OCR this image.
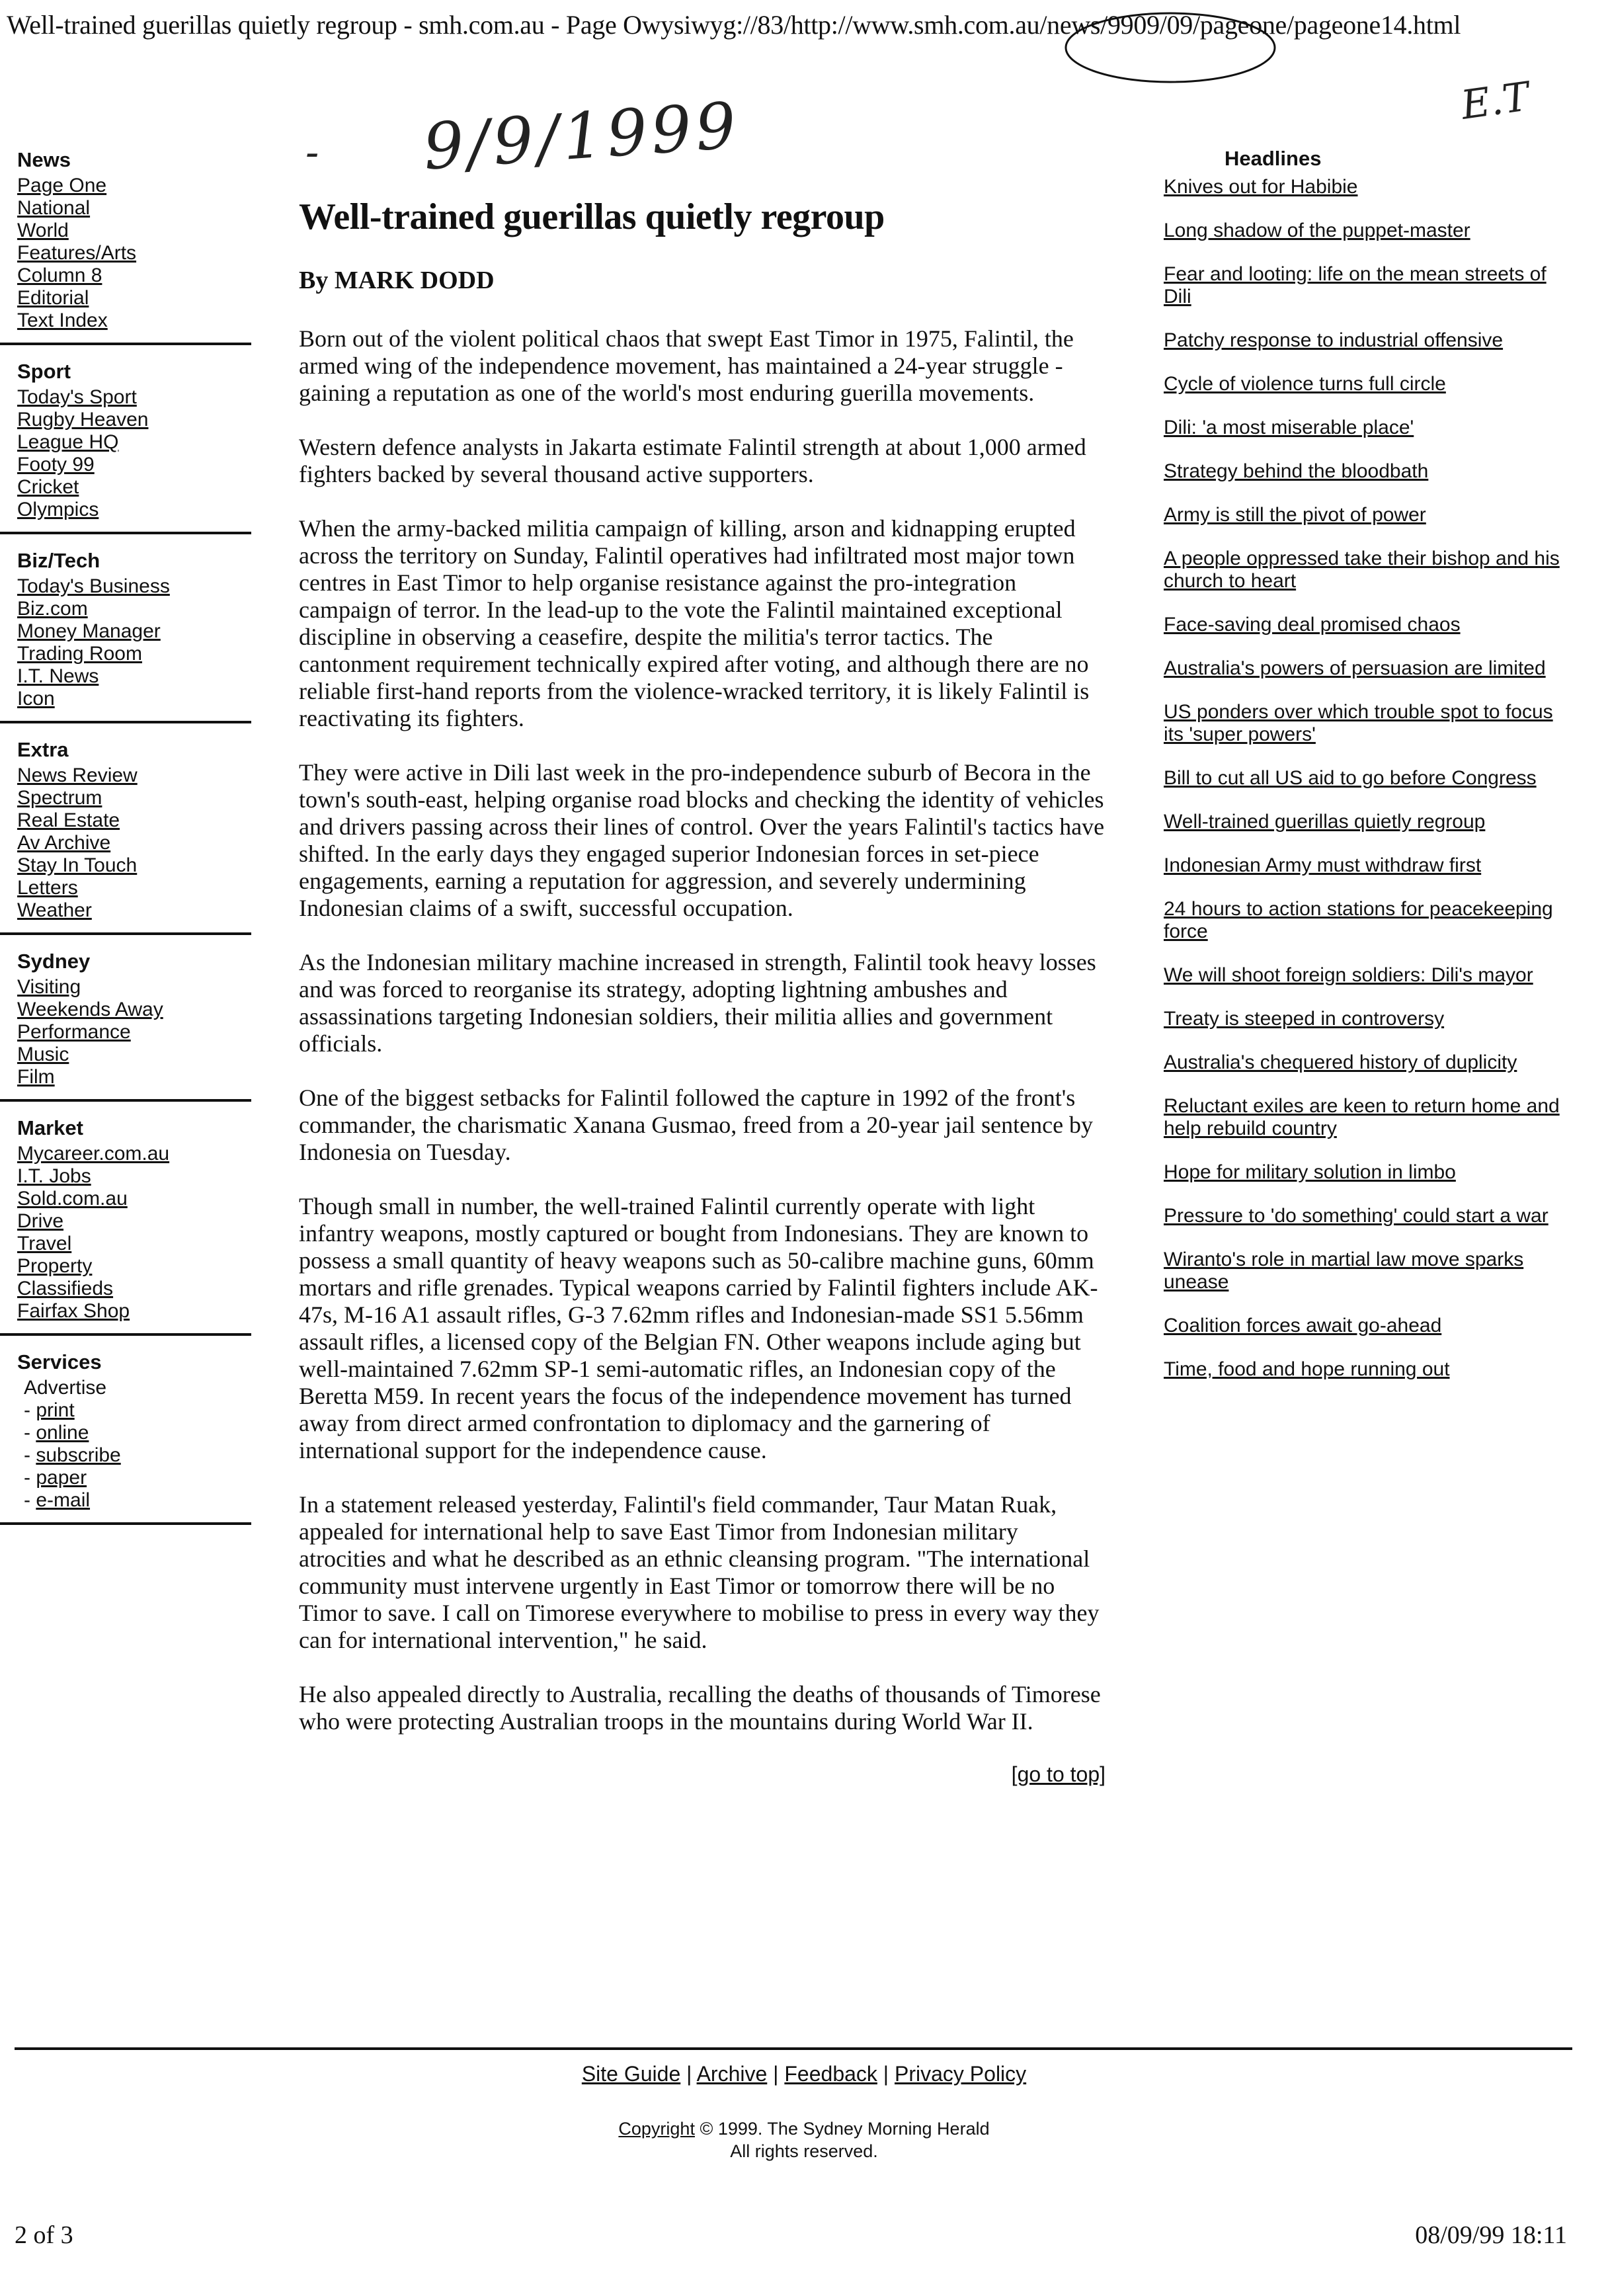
Well-trained guerillas quietly regroup - smh.com.au - Page Owysiwyg://83/http://www.smh.com.au/news/9909/09/pageone/pageone14.html
- 9/9/1999	E.T
News
Page One
National
World
Features/Arts
Column 8
Editorial
Text Index
Sport
Today's Sport
Rugby Heaven
League HQ
Footy 99
Cricket
Olympics
Biz/Tech
Today's Business
Biz.com
Money Manager
Trading Room
I.T. News
Icon
Extra
News Review
Spectrum
Real Estate
Av Archive
Stay In Touch
Letters
Weather
Sydney
Visiting
Weekends Away
Performance
Music
Film
Market
Mycareer.com.au
I.T. Jobs
Sold.com.au
Drive
Travel
Property
Classifieds
Fairfax Shop
Services
Advertise
- print
- online
- subscribe
- paper
- e-mail
Well-trained guerillas quietly regroup
By MARK DODD

Born out of the violent political chaos that swept East Timor in 1975, Falintil, the armed wing of the independence movement, has maintained a 24-year struggle - gaining a reputation as one of the world's most enduring guerilla movements.

Western defence analysts in Jakarta estimate Falintil strength at about 1,000 armed fighters backed by several thousand active supporters.

When the army-backed militia campaign of killing, arson and kidnapping erupted across the territory on Sunday, Falintil operatives had infiltrated most major town centres in East Timor to help organise resistance against the pro-integration campaign of terror. In the lead-up to the vote the Falintil maintained exceptional discipline in observing a ceasefire, despite the militia's terror tactics. The cantonment requirement technically expired after voting, and although there are no reliable first-hand reports from the violence-wracked territory, it is likely Falintil is reactivating its fighters.

They were active in Dili last week in the pro-independence suburb of Becora in the town's south-east, helping organise road blocks and checking the identity of vehicles and drivers passing across their lines of control. Over the years Falintil's tactics have shifted. In the early days they engaged superior Indonesian forces in set-piece engagements, earning a reputation for aggression, and severely undermining Indonesian claims of a swift, successful occupation.

As the Indonesian military machine increased in strength, Falintil took heavy losses and was forced to reorganise its strategy, adopting lightning ambushes and assassinations targeting Indonesian soldiers, their militia allies and government officials.

One of the biggest setbacks for Falintil followed the capture in 1992 of the front's commander, the charismatic Xanana Gusmao, freed from a 20-year jail sentence by Indonesia on Tuesday.

Though small in number, the well-trained Falintil currently operate with light infantry weapons, mostly captured or bought from Indonesians. They are known to possess a small quantity of heavy weapons such as 50-calibre machine guns, 60mm mortars and rifle grenades. Typical weapons carried by Falintil fighters include AK-47s, M-16 A1 assault rifles, G-3 7.62mm rifles and Indonesian-made SS1 5.56mm assault rifles, a licensed copy of the Belgian FN. Other weapons include aging but well-maintained 7.62mm SP-1 semi-automatic rifles, an Indonesian copy of the Beretta M59. In recent years the focus of the independence movement has turned away from direct armed confrontation to diplomacy and the garnering of international support for the independence cause.

In a statement released yesterday, Falintil's field commander, Taur Matan Ruak, appealed for international help to save East Timor from Indonesian military atrocities and what he described as an ethnic cleansing program. "The international community must intervene urgently in East Timor or tomorrow there will be no Timor to save. I call on Timorese everywhere to mobilise to press in every way they can for international intervention," he said.

He also appealed directly to Australia, recalling the deaths of thousands of Timorese who were protecting Australian troops in the mountains during World War II.

[go to top]
Headlines
Knives out for Habibie
Long shadow of the puppet-master
Fear and looting: life on the mean streets of Dili
Patchy response to industrial offensive
Cycle of violence turns full circle
Dili: 'a most miserable place'
Strategy behind the bloodbath
Army is still the pivot of power
A people oppressed take their bishop and his church to heart
Face-saving deal promised chaos
Australia's powers of persuasion are limited
US ponders over which trouble spot to focus its 'super powers'
Bill to cut all US aid to go before Congress
Well-trained guerillas quietly regroup
Indonesian Army must withdraw first
24 hours to action stations for peacekeeping force
We will shoot foreign soldiers: Dili's mayor
Treaty is steeped in controversy
Australia's chequered history of duplicity
Reluctant exiles are keen to return home and help rebuild country
Hope for military solution in limbo
Pressure to 'do something' could start a war
Wiranto's role in martial law move sparks unease
Coalition forces await go-ahead
Time, food and hope running out
Site Guide | Archive | Feedback | Privacy Policy
Copyright © 1999. The Sydney Morning Herald
All rights reserved.
2 of 3	08/09/99 18:11
